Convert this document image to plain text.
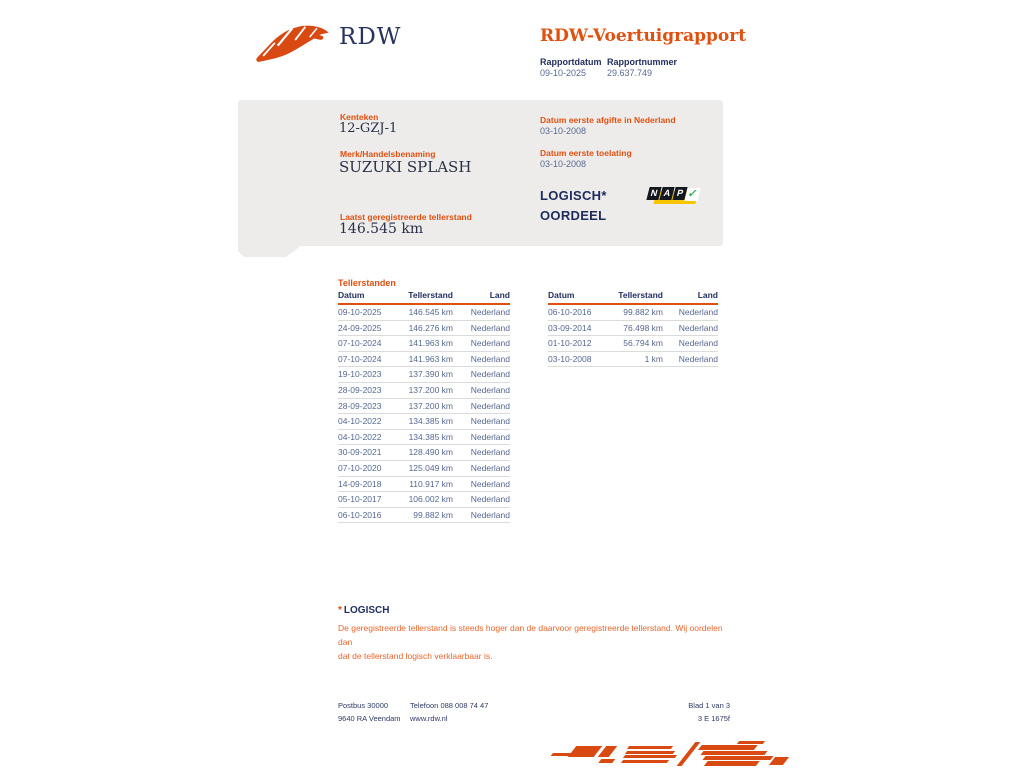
RDW	RDW-Voertuigrapport
Rapportdatum Rapportnummer
09-10-2025 29.637.749
Kenteken
12-GZJ-1
Merk/Handelsbenaming
SUZUKI SPLASH
Laatst geregistreerde tellerstand
146.545 km
Datum eerste afgifte in Nederland
03-10-2008
Datum eerste toelating
03-10-2008
LOGISCH*
OORDEEL
N A P ✓
Tellerstanden
Datum	Tellerstand	Land
09-10-2025	146.545 km	Nederland
24-09-2025	146.276 km	Nederland
07-10-2024	141.963 km	Nederland
07-10-2024	141.963 km	Nederland
19-10-2023	137.390 km	Nederland
28-09-2023	137.200 km	Nederland
28-09-2023	137.200 km	Nederland
04-10-2022	134.385 km	Nederland
04-10-2022	134.385 km	Nederland
30-09-2021	128.490 km	Nederland
07-10-2020	125.049 km	Nederland
14-09-2018	110.917 km	Nederland
05-10-2017	106.002 km	Nederland
06-10-2016	99.882 km	Nederland
Datum	Tellerstand	Land
06-10-2016	99.882 km	Nederland
03-09-2014	76.498 km	Nederland
01-10-2012	56.794 km	Nederland
03-10-2008	1 km	Nederland
* LOGISCH
De geregistreerde tellerstand is steeds hoger dan de daarvoor geregistreerde tellerstand. Wij oordelen dan
dat de tellerstand logisch verklaarbaar is.
Postbus 30000	Telefoon 088 008 74 47	Blad 1 van 3
9640 RA Veendam www.rdw.nl	3 E 1675f
